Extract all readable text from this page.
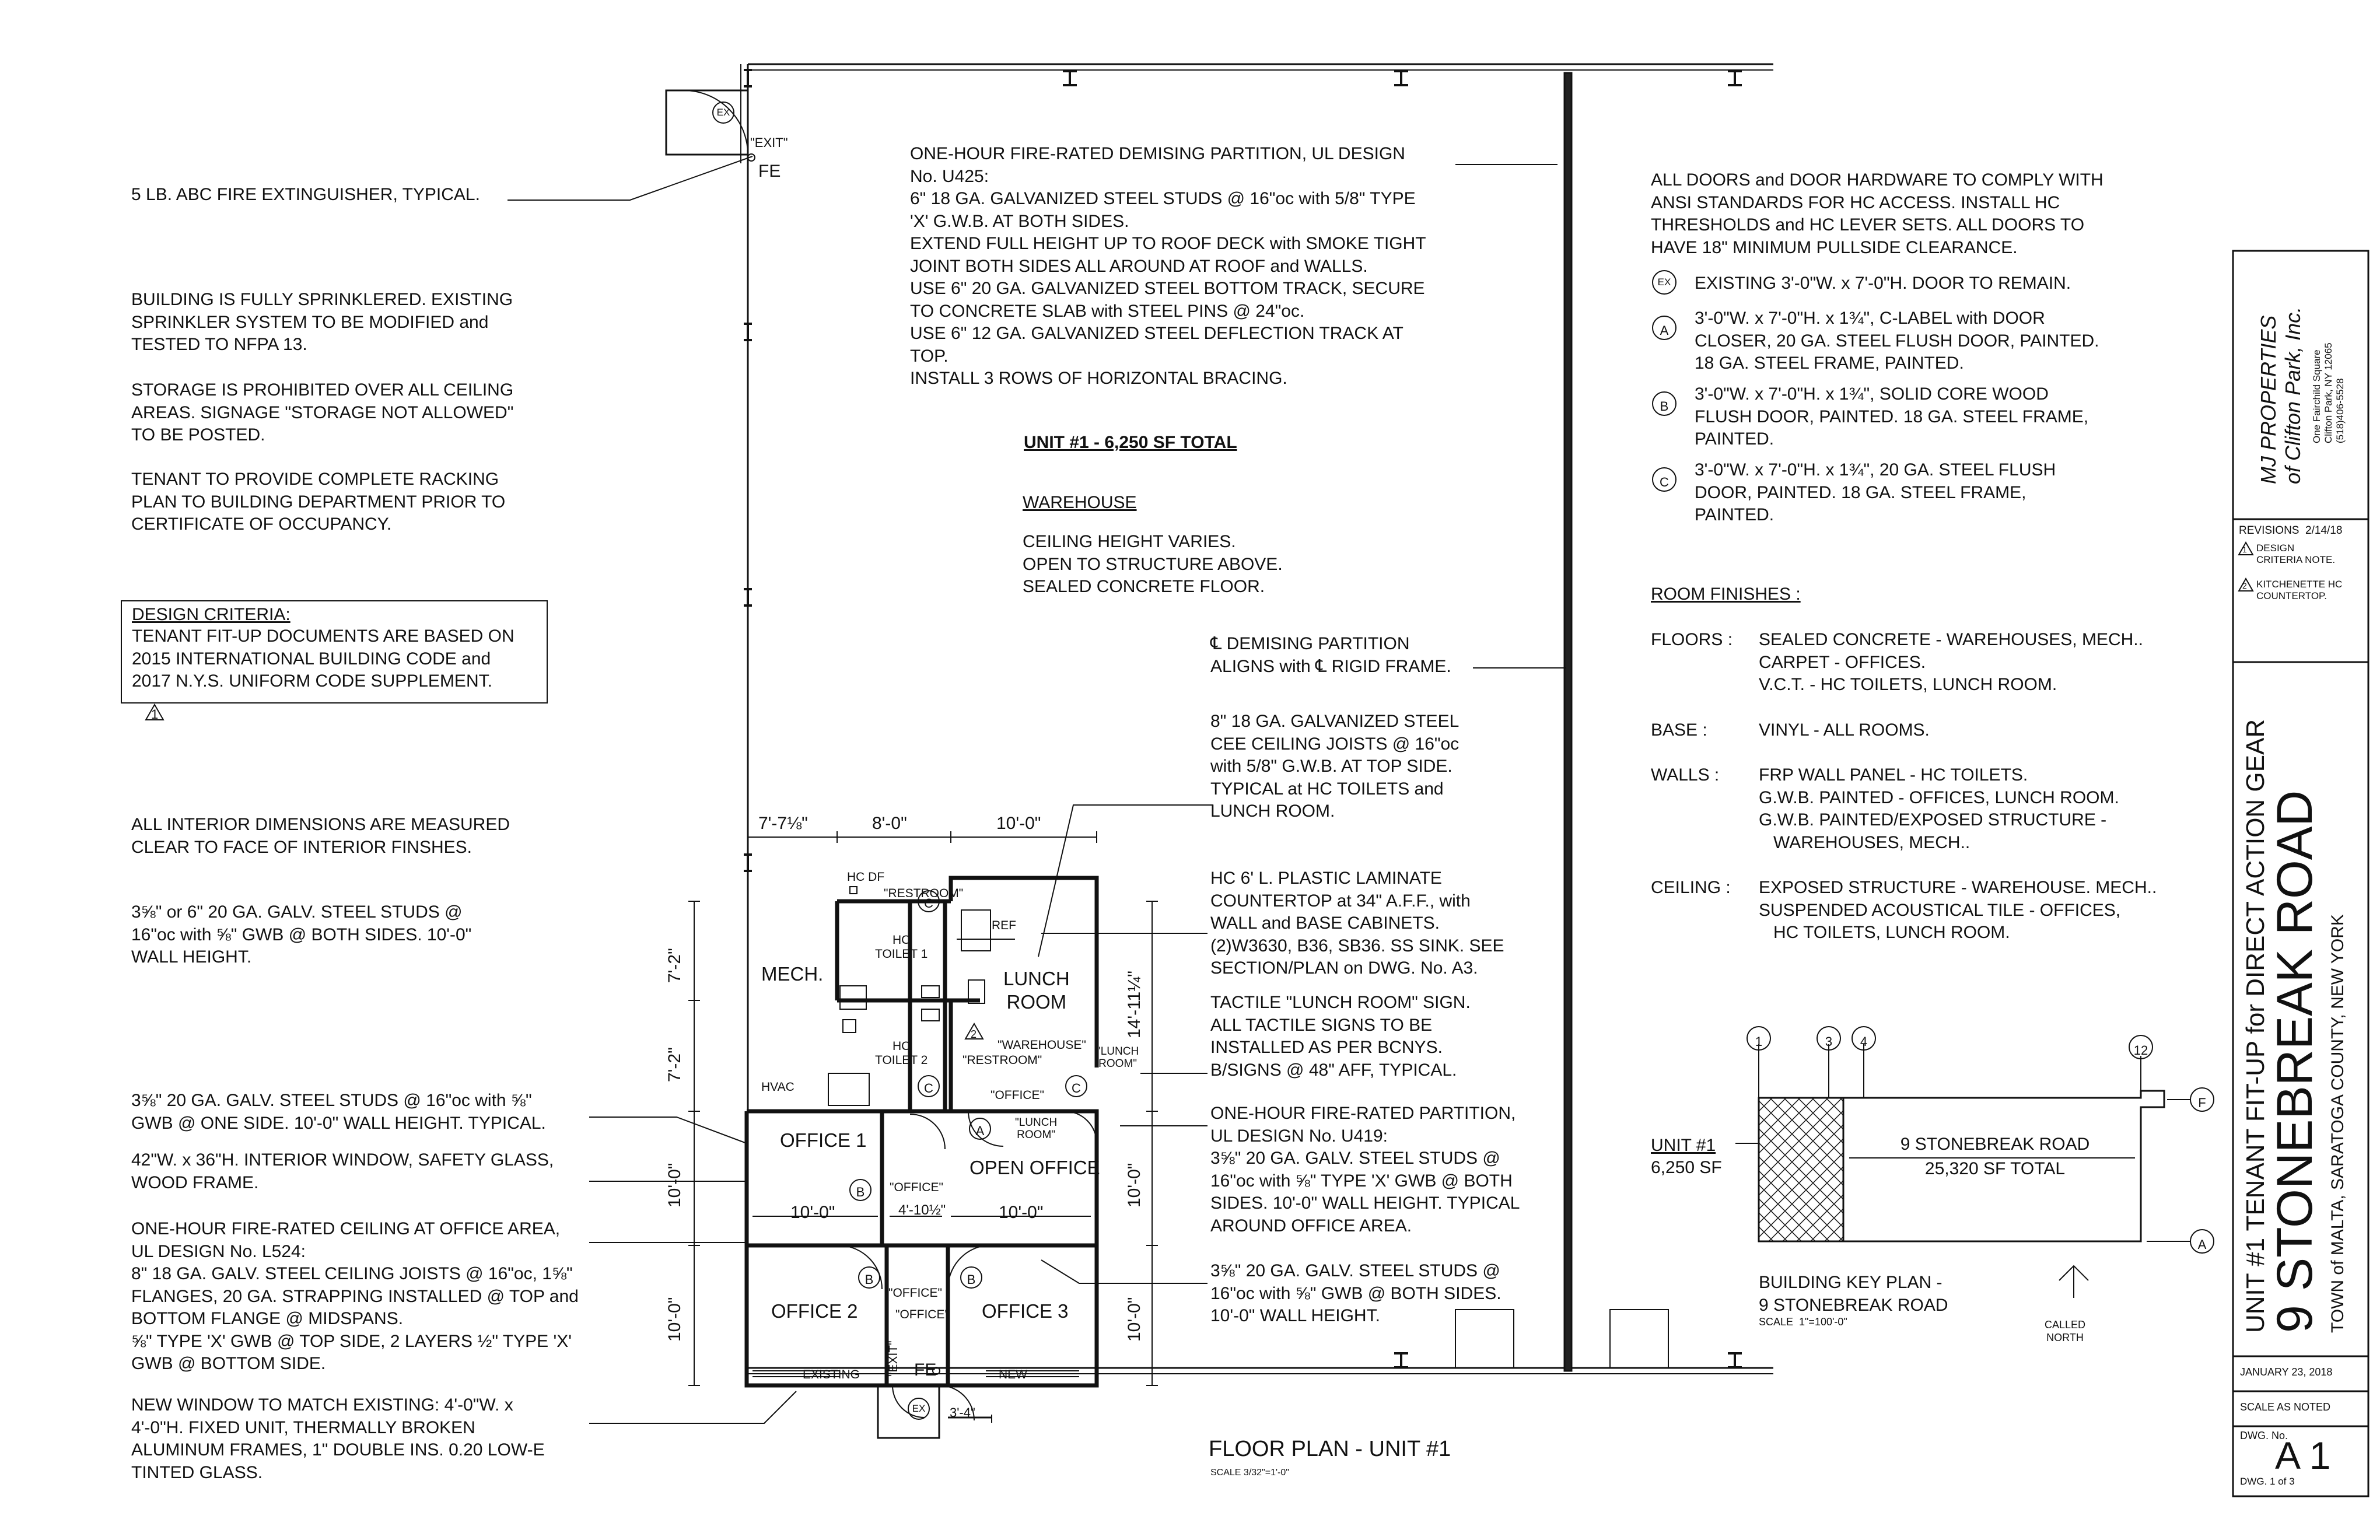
5 LB. ABC FIRE EXTINGUISHER, TYPICAL.
BUILDING IS FULLY SPRINKLERED. EXISTING
SPRINKLER SYSTEM TO BE MODIFIED and
TESTED TO NFPA 13.
STORAGE IS PROHIBITED OVER ALL CEILING
AREAS. SIGNAGE "STORAGE NOT ALLOWED"
TO BE POSTED.
TENANT TO PROVIDE COMPLETE RACKING
PLAN TO BUILDING DEPARTMENT PRIOR TO
CERTIFICATE OF OCCUPANCY.
DESIGN CRITERIA:
TENANT FIT-UP DOCUMENTS ARE BASED ON
2015 INTERNATIONAL BUILDING CODE and
2017 N.Y.S. UNIFORM CODE SUPPLEMENT.
1
ALL INTERIOR DIMENSIONS ARE MEASURED
CLEAR TO FACE OF INTERIOR FINSHES.
3⅝" or 6" 20 GA. GALV. STEEL STUDS @
16"oc with ⅝" GWB @ BOTH SIDES. 10'-0"
WALL HEIGHT.
3⅝" 20 GA. GALV. STEEL STUDS @ 16"oc with ⅝"
GWB @ ONE SIDE. 10'-0" WALL HEIGHT. TYPICAL.
42"W. x 36"H. INTERIOR WINDOW, SAFETY GLASS,
WOOD FRAME.
ONE-HOUR FIRE-RATED CEILING AT OFFICE AREA,
UL DESIGN No. L524:
8" 18 GA. GALV. STEEL CEILING JOISTS @ 16"oc, 1⅝"
FLANGES, 20 GA. STRAPPING INSTALLED @ TOP and
BOTTOM FLANGE @ MIDSPANS.
⅝" TYPE 'X' GWB @ TOP SIDE, 2 LAYERS ½" TYPE 'X'
GWB @ BOTTOM SIDE.
NEW WINDOW TO MATCH EXISTING: 4'-0"W. x
4'-0"H. FIXED UNIT, THERMALLY BROKEN
ALUMINUM FRAMES, 1" DOUBLE INS. 0.20 LOW-E
TINTED GLASS.
ONE-HOUR FIRE-RATED DEMISING PARTITION, UL DESIGN
No. U425:
6" 18 GA. GALVANIZED STEEL STUDS @ 16"oc with 5/8" TYPE
'X' G.W.B. AT BOTH SIDES.
EXTEND FULL HEIGHT UP TO ROOF DECK with SMOKE TIGHT
JOINT BOTH SIDES ALL AROUND AT ROOF and WALLS.
USE 6" 20 GA. GALVANIZED STEEL BOTTOM TRACK, SECURE
TO CONCRETE SLAB with STEEL PINS @ 24"oc.
USE 6" 12 GA. GALVANIZED STEEL DEFLECTION TRACK AT
TOP.
INSTALL 3 ROWS OF HORIZONTAL BRACING.
UNIT #1 - 6,250 SF TOTAL
WAREHOUSE
CEILING HEIGHT VARIES.
OPEN TO STRUCTURE ABOVE.
SEALED CONCRETE FLOOR.
℄ DEMISING PARTITION
ALIGNS with ℄ RIGID FRAME.
8" 18 GA. GALVANIZED STEEL
CEE CEILING JOISTS @ 16"oc
with 5/8" G.W.B. AT TOP SIDE.
TYPICAL at HC TOILETS and
LUNCH ROOM.
HC 6' L. PLASTIC LAMINATE
COUNTERTOP at 34" A.F.F., with
WALL and BASE CABINETS.
(2)W3630, B36, SB36. SS SINK. SEE
SECTION/PLAN on DWG. No. A3.
TACTILE "LUNCH ROOM" SIGN.
ALL TACTILE SIGNS TO BE
INSTALLED AS PER BCNYS.
B/SIGNS @ 48" AFF, TYPICAL.
ONE-HOUR FIRE-RATED PARTITION,
UL DESIGN No. U419:
3⅝" 20 GA. GALV. STEEL STUDS @
16"oc with ⅝" TYPE 'X' GWB @ BOTH
SIDES. 10'-0" WALL HEIGHT. TYPICAL
AROUND OFFICE AREA.
3⅝" 20 GA. GALV. STEEL STUDS @
16"oc with ⅝" GWB @ BOTH SIDES.
10'-0" WALL HEIGHT.
FLOOR PLAN - UNIT #1
SCALE 3/32"=1'-0"
"EXIT"
FE
EX
MECH.
HC DF
"RESTROOM"
HC
TOILET 1
HC
TOILET 2
REF
LUNCH
ROOM
"WAREHOUSE"
"RESTROOM"
"LUNCH
ROOM"
HVAC
"OFFICE"
"LUNCH
ROOM"
OFFICE 1
OPEN OFFICE
"OFFICE"
OFFICE 2	OFFICE 3
"OFFICE"
"OFFICE"
"EXIT" FE
EXISTING	NEW
EX
C
C	C
A
B
B	B
2
7'-7⅛"	8'-0"	10'-0"
7'-2"
7'-2"
14'-11¼"
10'-0"
10'-0"
10'-0"
10'-0"
10'-0"	4'-10½"	10'-0"
3'-4"
ALL DOORS and DOOR HARDWARE TO COMPLY WITH
ANSI STANDARDS FOR HC ACCESS. INSTALL HC
THRESHOLDS and HC LEVER SETS. ALL DOORS TO
HAVE 18" MINIMUM PULLSIDE CLEARANCE.
EX EXISTING 3'-0"W. x 7'-0"H. DOOR TO REMAIN.
A
3'-0"W. x 7'-0"H. x 1¾", C-LABEL with DOOR
CLOSER, 20 GA. STEEL FLUSH DOOR, PAINTED.
18 GA. STEEL FRAME, PAINTED.
B
3'-0"W. x 7'-0"H. x 1¾", SOLID CORE WOOD
FLUSH DOOR, PAINTED. 18 GA. STEEL FRAME,
PAINTED.
C
3'-0"W. x 7'-0"H. x 1¾", 20 GA. STEEL FLUSH
DOOR, PAINTED. 18 GA. STEEL FRAME,
PAINTED.
ROOM FINISHES :
FLOORS : SEALED CONCRETE - WAREHOUSES, MECH..
CARPET - OFFICES.
V.C.T. - HC TOILETS, LUNCH ROOM.
BASE :	VINYL - ALL ROOMS.
WALLS : FRP WALL PANEL - HC TOILETS.
G.W.B. PAINTED - OFFICES, LUNCH ROOM.
G.W.B. PAINTED/EXPOSED STRUCTURE -
WAREHOUSES, MECH..
CEILING : EXPOSED STRUCTURE - WAREHOUSE. MECH..
SUSPENDED ACOUSTICAL TILE - OFFICES,
HC TOILETS, LUNCH ROOM.
1	3	4
12
F
A
UNIT #1
6,250 SF
9 STONEBREAK ROAD
25,320 SF TOTAL
BUILDING KEY PLAN -
9 STONEBREAK ROAD
SCALE  1"=100'-0"	CALLED
NORTH
MJ PROPERTIES
of Clifton Park, Inc.
One Fairchild Square
Clifton Park, NY 12065
(518)406-5528
REVISIONS  2/14/18
1 DESIGN
CRITERIA NOTE.
2 KITCHENETTE HC
COUNTERTOP.
UNIT #1 TENANT FIT-UP for DIRECT ACTION GEAR
9 STONEBREAK ROAD TOWN of MALTA, SARATOGA COUNTY, NEW YORK
JANUARY 23, 2018
SCALE AS NOTED
DWG. No.
A 1
DWG. 1 of 3
